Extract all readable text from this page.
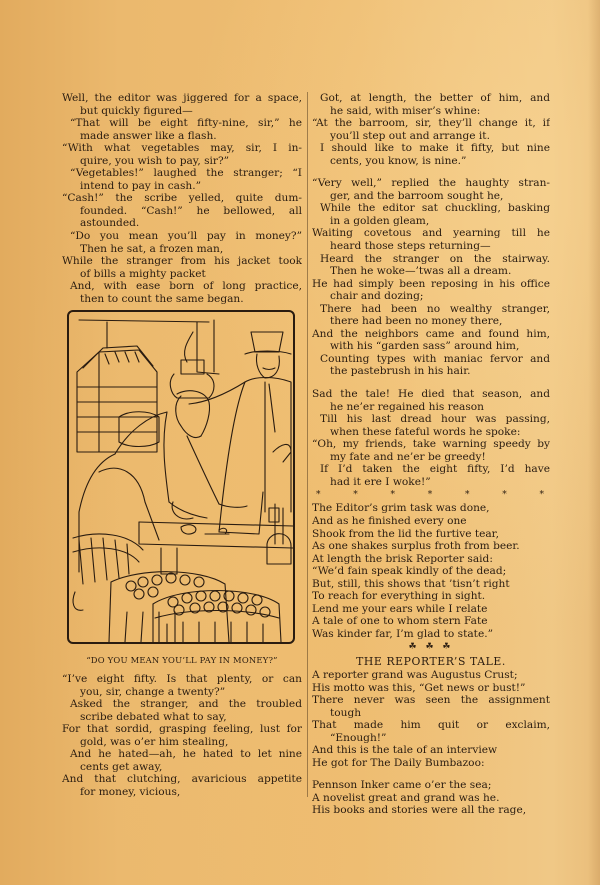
Well, the editor was jiggered for a space,
but quickly figured—
“That will be eight fifty-nine, sir,” he
made answer like a flash.
“With what vegetables may, sir, I in-
quire, you wish to pay, sir?”
“Vegetables!” laughed the stranger; “I
intend to pay in cash.”
“Cash!” the scribe yelled, quite dum-
founded. “Cash!” he bellowed, all
astounded.
“Do you mean you’ll pay in money?”
Then he sat, a frozen man,
While the stranger from his jacket took
of bills a mighty packet
And, with ease born of long practice,
then to count the same began.
“DO YOU MEAN YOU’LL PAY IN MONEY?”
“I’ve eight fifty. Is that plenty, or can
you, sir, change a twenty?”
Asked the stranger, and the troubled
scribe debated what to say,
For that sordid, grasping feeling, lust for
gold, was o’er him stealing,
And he hated—ah, he hated to let nine
cents get away,
And that clutching, avaricious appetite
for money, vicious,
Got, at length, the better of him, and
he said, with miser’s whine:
“At the barroom, sir, they’ll change it, if
you’ll step out and arrange it.
I should like to make it fifty, but nine
cents, you know, is nine.”
“Very well,” replied the haughty stran-
ger, and the barroom sought he,
While the editor sat chuckling, basking
in a golden gleam,
Waiting covetous and yearning till he
heard those steps returning—
Heard the stranger on the stairway.
Then he woke—’twas all a dream.
He had simply been reposing in his office
chair and dozing;
There had been no wealthy stranger,
there had been no money there,
And the neighbors came and found him,
with his “garden sass” around him,
Counting types with maniac fervor and
the pastebrush in his hair.
Sad the tale! He died that season, and
he ne’er regained his reason
Till his last dread hour was passing,
when these fateful words he spoke:
“Oh, my friends, take warning speedy by
my fate and ne’er be greedy!
If I’d taken the eight fifty, I’d have
had it ere I woke!”
*	*	*	*	*	*	*
The Editor’s grim task was done,
And as he finished every one
Shook from the lid the furtive tear,
As one shakes surplus froth from beer.
At length the brisk Reporter said:
“We’d fain speak kindly of the dead;
But, still, this shows that ’tisn’t right
To reach for everything in sight.
Lend me your ears while I relate
A tale of one to whom stern Fate
Was kinder far, I’m glad to state.”
☘ ☘ ☘
THE REPORTER’S TALE.
A reporter grand was Augustus Crust;
His motto was this, “Get news or bust!”
There never was seen the assignment
tough
That made him quit or exclaim,
“Enough!”
And this is the tale of an interview
He got for The Daily Bumbazoo:
Pennson Inker came o’er the sea;
A novelist great and grand was he.
His books and stories were all the rage,
